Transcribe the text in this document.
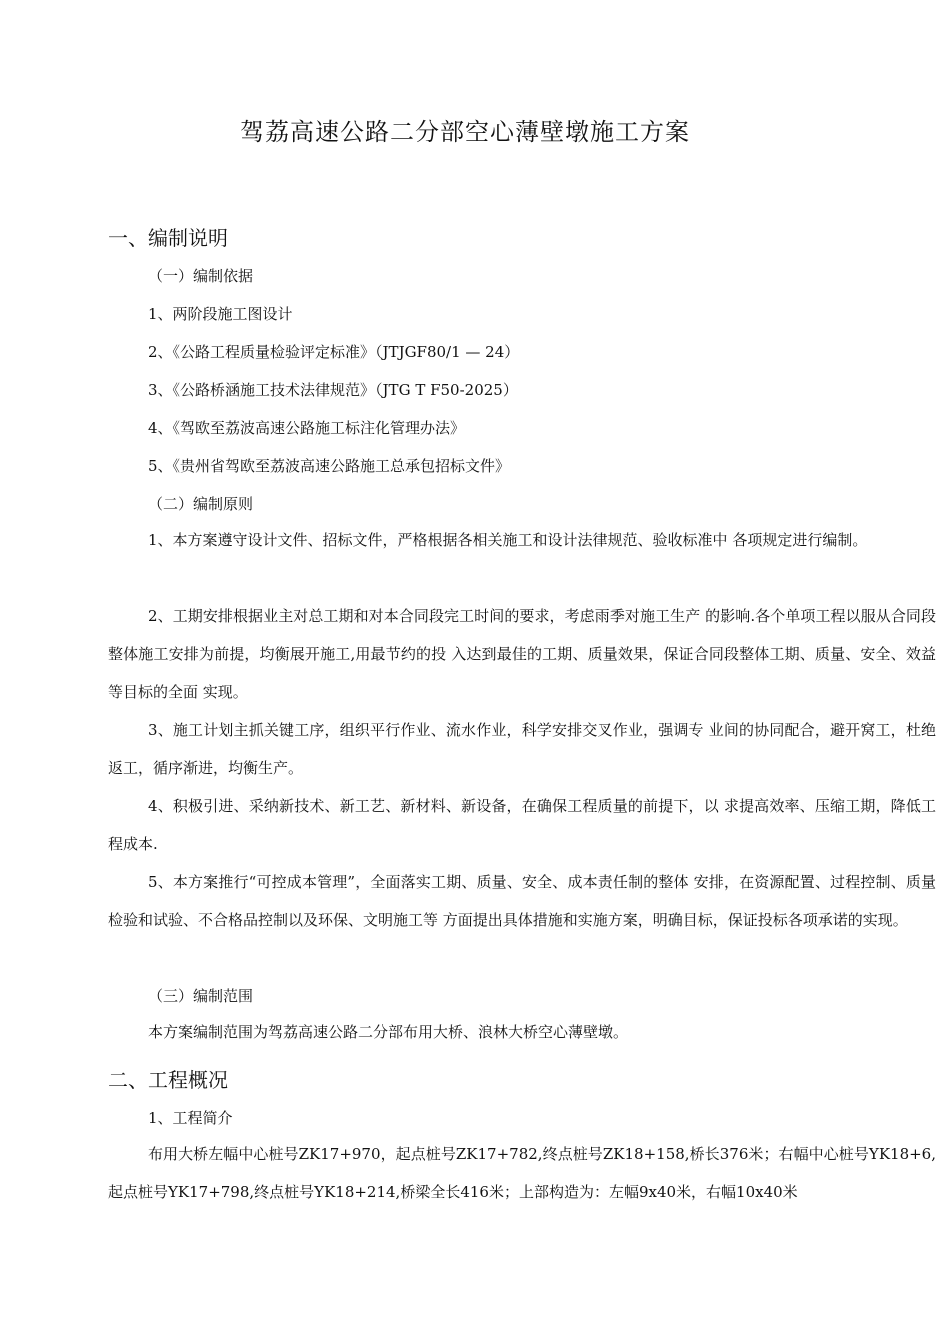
驾荔高速公路二分部空心薄壁墩施工方案
一、编制说明
（一）编制依据
1、两阶段施工图设计
2、《公路工程质量检验评定标准》（JTJGF80/1 — 24）
3、《公路桥涵施工技术法律规范》（JTG T F50-2025）
4、《驾欧至荔波高速公路施工标注化管理办法》
5、《贵州省驾欧至荔波高速公路施工总承包招标文件》
（二）编制原则
1、本方案遵守设计文件、招标文件，严格根据各相关施工和设计法律规范、验收标准中 各项规定进行编制。
2、工期安排根据业主对总工期和对本合同段完工时间的要求，考虑雨季对施工生产 的影响.各个单项工程以服从合同段整体施工安排为前提，均衡展开施工,用最节约的投 入达到最佳的工期、质量效果，保证合同段整体工期、质量、安全、效益等目标的全面 实现。
3、施工计划主抓关键工序，组织平行作业、流水作业，科学安排交叉作业，强调专 业间的协同配合，避开窝工，杜绝返工，循序渐进，均衡生产。
4、积极引进、采纳新技术、新工艺、新材料、新设备，在确保工程质量的前提下，以 求提高效率、压缩工期，降低工程成本.
5、本方案推行“可控成本管理”，全面落实工期、质量、安全、成本责任制的整体 安排，在资源配置、过程控制、质量检验和试验、不合格品控制以及环保、文明施工等 方面提出具体措施和实施方案，明确目标，保证投标各项承诺的实现。
（三）编制范围
本方案编制范围为驾荔高速公路二分部布用大桥、浪林大桥空心薄壁墩。
二、工程概况
1、工程简介
布用大桥左幅中心桩号ZK17+970，起点桩号ZK17+782,终点桩号ZK18+158,桥长376米；右幅中心桩号YK18+6,起点桩号YK17+798,终点桩号YK18+214,桥梁全长416米；上部构造为：左幅9x40米，右幅10x40米
